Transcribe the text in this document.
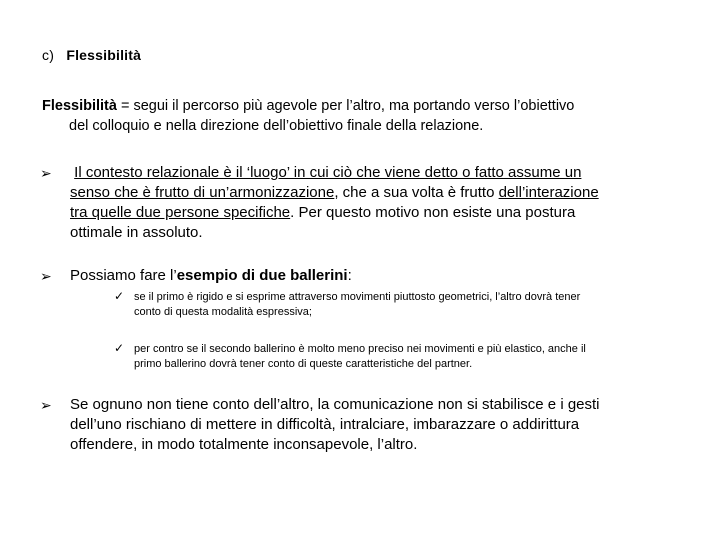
c) Flessibilità
Flessibilità = segui il percorso più agevole per l’altro, ma portando verso l’obiettivo
del colloquio e nella direzione dell’obiettivo finale della relazione.
➢ Il contesto relazionale è il ‘luogo’ in cui ciò che viene detto o fatto assume un
senso che è frutto di un’armonizzazione, che a sua volta è frutto dell’interazione
tra quelle due persone specifiche. Per questo motivo non esiste una postura
ottimale in assoluto.
➢ Possiamo fare l’esempio di due ballerini:
✓ se il primo è rigido e si esprime attraverso movimenti piuttosto geometrici, l’altro dovrà tener
conto di questa modalità espressiva;
✓ per contro se il secondo ballerino è molto meno preciso nei movimenti e più elastico, anche il
primo ballerino dovrà tener conto di queste caratteristiche del partner.
➢ Se ognuno non tiene conto dell’altro, la comunicazione non si stabilisce e i gesti
dell’uno rischiano di mettere in difficoltà, intralciare, imbarazzare o addirittura
offendere, in modo totalmente inconsapevole, l’altro.
